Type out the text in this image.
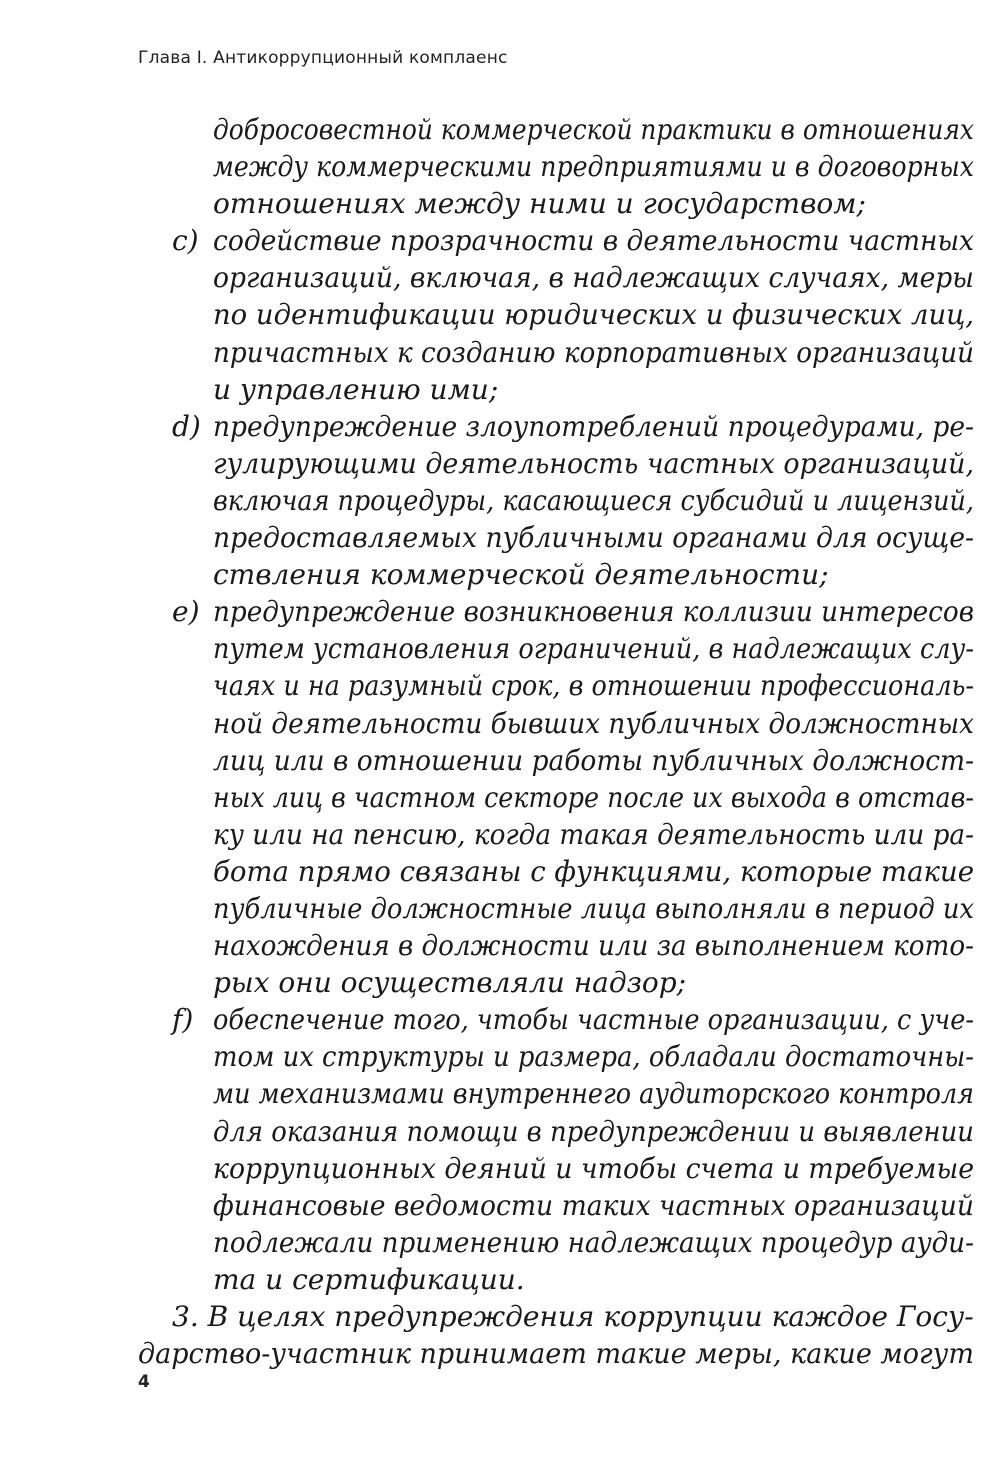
Глава I. Антикоррупционный комплаенс
добросовестной коммерческой практики в отношениях
между коммерческими предприятиями и в договорных
отношениях между ними и государством;
c) содействие прозрачности в деятельности частных
организаций, включая, в надлежащих случаях, меры
по идентификации юридических и физических лиц,
причастных к созданию корпоративных организаций
и управлению ими;
d) предупреждение злоупотреблений процедурами, ре-
гулирующими деятельность частных организаций,
включая процедуры, касающиеся субсидий и лицензий,
предоставляемых публичными органами для осуще-
ствления коммерческой деятельности;
e) предупреждение возникновения коллизии интересов
путем установления ограничений, в надлежащих слу-
чаях и на разумный срок, в отношении профессиональ-
ной деятельности бывших публичных должностных
лиц или в отношении работы публичных должност-
ных лиц в частном секторе после их выхода в отстав-
ку или на пенсию, когда такая деятельность или ра-
бота прямо связаны с функциями, которые такие
публичные должностные лица выполняли в период их
нахождения в должности или за выполнением кото-
рых они осуществляли надзор;
f) обеспечение того, чтобы частные организации, с уче-
том их структуры и размера, обладали достаточны-
ми механизмами внутреннего аудиторского контроля
для оказания помощи в предупреждении и выявлении
коррупционных деяний и чтобы счета и требуемые
финансовые ведомости таких частных организаций
подлежали применению надлежащих процедур ауди-
та и сертификации.
3. В целях предупреждения коррупции каждое Госу-
дарство-участник принимает такие меры, какие могут
4
